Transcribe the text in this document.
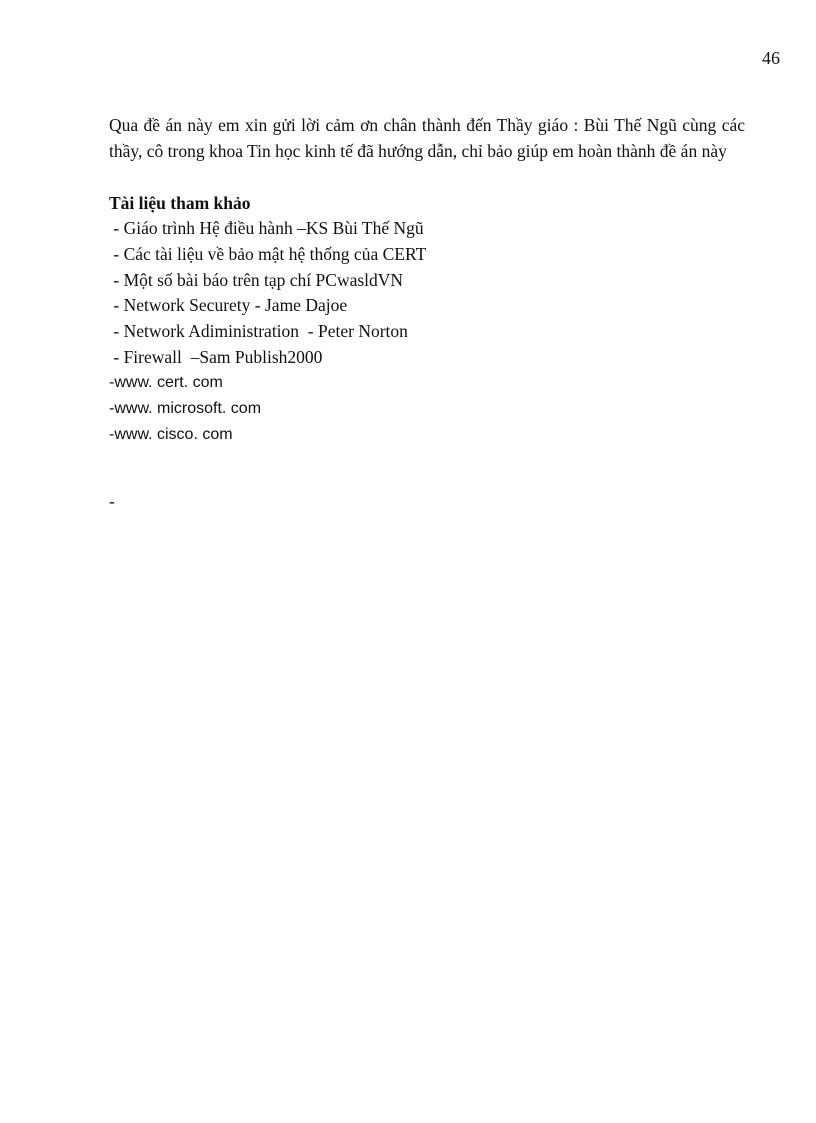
46

Qua đề án này em xin gửi lời cảm ơn chân thành đến Thầy giáo : Bùi Thế Ngũ cùng các thầy, cô trong khoa Tin học kinh tế đã hướng dẫn, chỉ bảo giúp em hoàn thành đề án này

Tài liệu tham khảo
- Giáo trình Hệ điều hành –KS Bùi Thế Ngũ
- Các tài liệu về bảo mật hệ thống của CERT
- Một số bài báo trên tạp chí PCwasldVN
- Network Securety - Jame Dajoe
- Network Adiministration  - Peter Norton
- Firewall  –Sam Publish2000
-www. cert. com
-www. microsoft. com
-www. cisco. com
-
